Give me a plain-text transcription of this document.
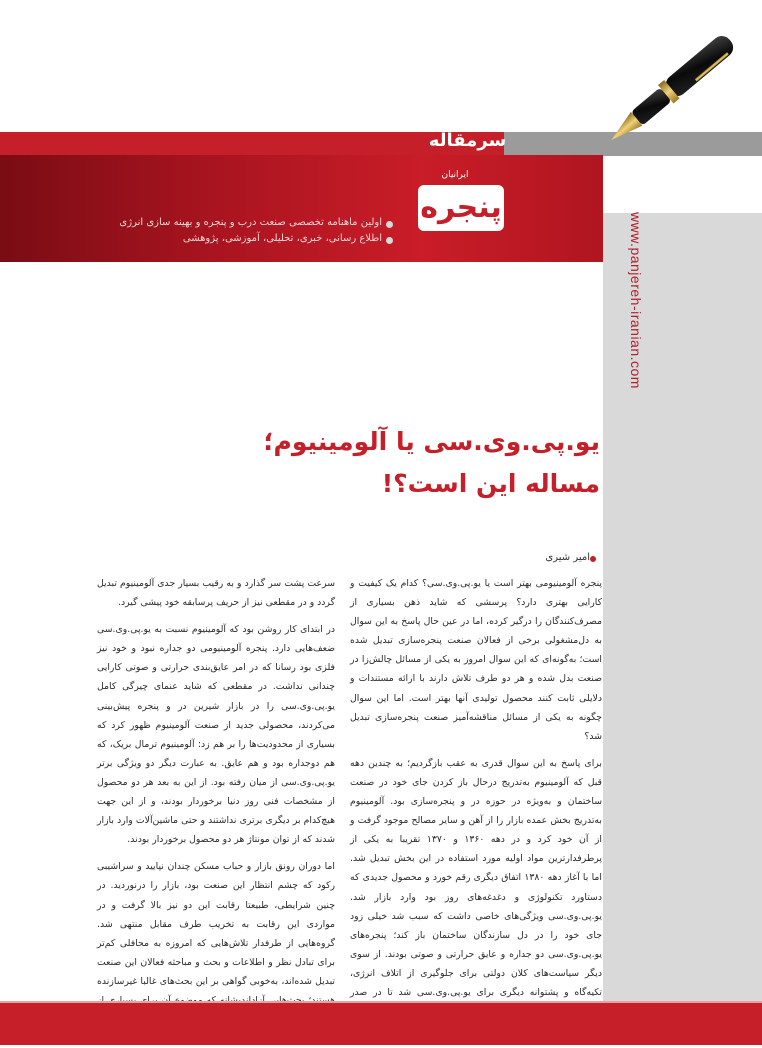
سرمقاله
پنجره
ایرانیان
اولین ماهنامه تخصصی صنعت درب و پنجره و بهینه سازی انرژی
اطلاع رسانی، خبری، تحلیلی، آموزشی، پژوهشی	www.panjereh-iranian.com
یو.پی.وی.سی یا آلومینیوم؛
مساله این است؟!
امیر شیری

پنجره آلومینیومی بهتر است یا یو.پی.وی.سی؟ کدام یک کیفیت و کارایی بهتری دارد؟ پرسشی که شاید ذهن بسیاری از مصرف‌کنندگان را درگیر کرده، اما در عین حال پاسخ به این سوال به دل‌مشغولی برخی از فعالان صنعت پنجره‌سازی تبدیل شده است؛ به‌گونه‌ای که این سوال امروز به یکی از مسائل چالش‌زا در صنعت بدل شده و هر دو طرف تلاش دارند با ارائه مستندات و دلایلی ثابت کنند محصول تولیدی آنها بهتر است. اما این سوال چگونه به یکی از مسائل مناقشه‌آمیز صنعت پنجره‌سازی تبدیل شد؟

برای پاسخ به این سوال قدری به عقب بازگردیم؛ به چندین دهه قبل که آلومینیوم به‌تدریج درحال باز کردن جای خود در صنعت ساختمان و به‌ویژه در حوزه در و پنجره‌سازی بود. آلومینیوم به‌تدریج بخش عمده بازار را از آهن و سایر مصالح موجود گرفت و از آن خود کرد و در دهه ۱۳۶۰ و ۱۳۷۰ تقریبا به یکی از پرطرفدارترین مواد اولیه مورد استفاده در این بخش تبدیل شد. اما با آغاز دهه ۱۳۸۰ اتفاق دیگری رقم خورد و محصول جدیدی که دستاورد تکنولوژی و دغدغه‌های روز بود وارد بازار شد. یو.پی.وی.سی ویژگی‌های خاصی داشت که سبب شد خیلی زود جای خود را در دل سازندگان ساختمان باز کند؛ پنجره‌های یو.پی.وی.سی دو جداره و عایق حرارتی و صوتی بودند. از سوی دیگر سیاست‌های کلان دولتی برای جلوگیری از اتلاف انرژی، تکیه‌گاه و پشتوانه دیگری برای یو.پی.وی.سی شد تا در صدر

سرعت پشت سر گذارد و به رقیب بسیار جدی آلومینیوم تبدیل گردد و در مقطعی نیز از حریف پرسابقه خود پیشی گیرد.

در ابتدای کار روشن بود که آلومینیوم نسبت به یو.پی.وی.سی ضعف‌هایی دارد. پنجره آلومینیومی دو جداره نبود و خود نیز فلزی بود رسانا که در امر عایق‌بندی حرارتی و صوتی کارایی چندانی نداشت. در مقطعی که شاید عنمای چیرگی کامل یو.پی.وی.سی را در بازار شیرین در و پنجره پیش‌بینی می‌کردند، محصولی جدید از صنعت آلومینیوم ظهور کرد که بسیاری از محدودیت‌ها را بر هم زد: آلومینیوم ترمال بریک، که هم دوجداره بود و هم عایق. به عبارت دیگر دو ویژگی برتر یو.پی.وی.سی از میان رفته بود. از این به بعد هر دو محصول از مشخصات فنی روز دنیا برخوردار بودند، و از این جهت هیچ‌کدام بر دیگری برتری نداشتند و حتی ماشین‌آلات وارد بازار شدند که از توان مونتاژ هر دو محصول برخوردار بودند.

اما دوران رونق بازار و حباب مسکن چندان نپایید و سراشیبی رکود که چشم انتظار این صنعت بود، بازار را درنوردید. در چنین شرایطی، طبیعتا رقابت این دو نیز بالا گرفت و در مواردی این رقابت به تخریب طرف مقابل منتهی شد. گروه‌هایی از طرفدار تلاش‌هایی که امروزه به محافلی کم‌تر برای تبادل نظر و اطلاعات و بحث و مباحثه فعالان این صنعت تبدیل شده‌اند، به‌خوبی گواهی بر این بحث‌های غالبا غیرسازنده
